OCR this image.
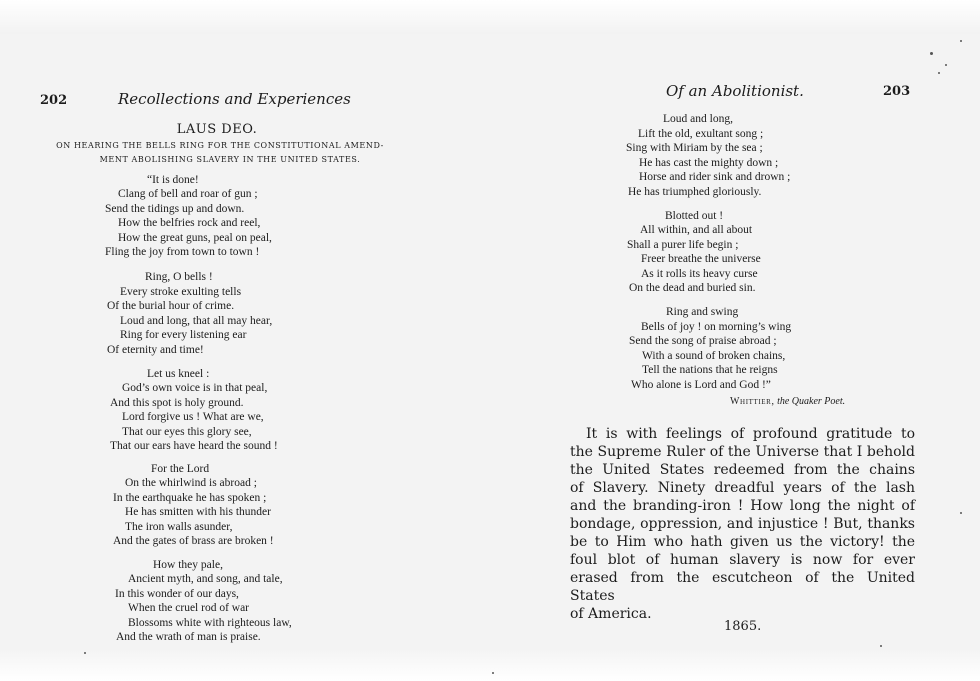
202	Recollections and Experiences
LAUS DEO.
ON HEARING THE BELLS RING FOR THE CONSTITUTIONAL AMEND-
MENT ABOLISHING SLAVERY IN THE UNITED STATES.
“It is done!
Clang of bell and roar of gun ;
Send the tidings up and down.
How the belfries rock and reel,
How the great guns, peal on peal,
Fling the joy from town to town !
Ring, O bells !
Every stroke exulting tells
Of the burial hour of crime.
Loud and long, that all may hear,
Ring for every listening ear
Of eternity and time!
Let us kneel :
God’s own voice is in that peal,
And this spot is holy ground.
Lord forgive us ! What are we,
That our eyes this glory see,
That our ears have heard the sound !
For the Lord
On the whirlwind is abroad ;
In the earthquake he has spoken ;
He has smitten with his thunder
The iron walls asunder,
And the gates of brass are broken !
How they pale,
Ancient myth, and song, and tale,
In this wonder of our days,
When the cruel rod of war
Blossoms white with righteous law,
And the wrath of man is praise.
Of an Abolitionist.	203
Loud and long,
Lift the old, exultant song ;
Sing with Miriam by the sea ;
He has cast the mighty down ;
Horse and rider sink and drown ;
He has triumphed gloriously.
Blotted out !
All within, and all about
Shall a purer life begin ;
Freer breathe the universe
As it rolls its heavy curse
On the dead and buried sin.
Ring and swing
Bells of joy ! on morning’s wing
Send the song of praise abroad ;
With a sound of broken chains,
Tell the nations that he reigns
Who alone is Lord and God !”
Whittier, the Quaker Poet.
It is with feelings of profound gratitude to
the Supreme Ruler of the Universe that I behold
the United States redeemed from the chains
of Slavery. Ninety dreadful years of the lash
and the branding-iron ! How long the night of
bondage, oppression, and injustice ! But, thanks
be to Him who hath given us the victory! the
foul blot of human slavery is now for ever
erased from the escutcheon of the United States
of America.
1865.
